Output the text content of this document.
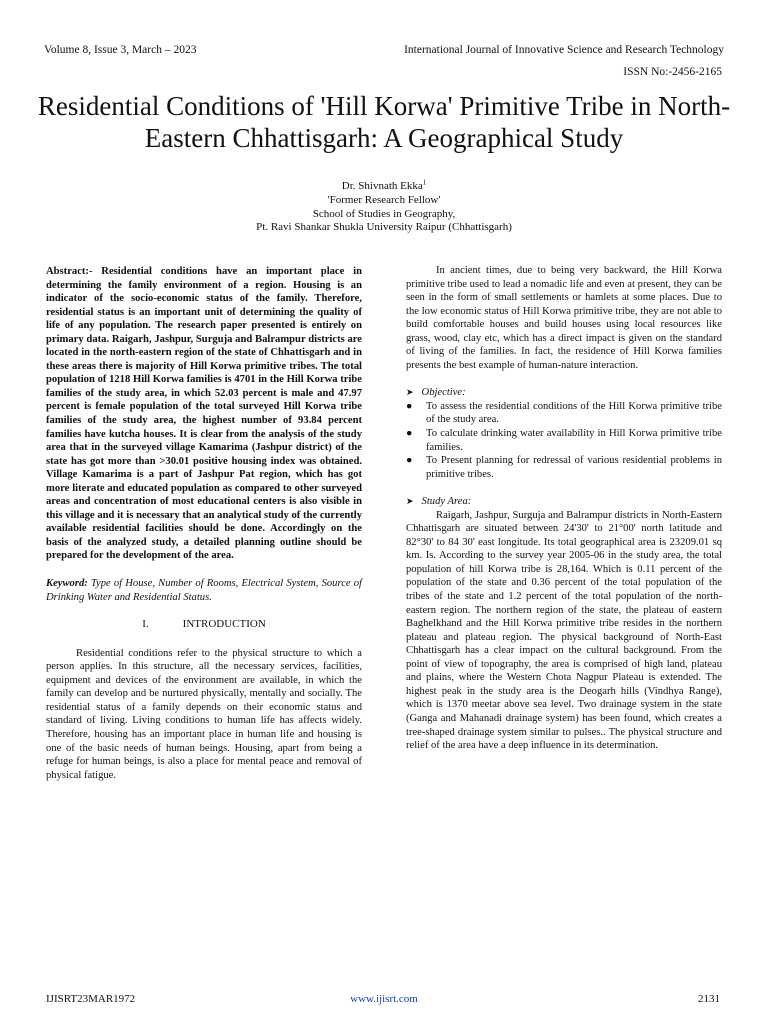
Volume 8, Issue 3, March – 2023	International Journal of Innovative Science and Research Technology
ISSN No:-2456-2165
Residential Conditions of 'Hill Korwa' Primitive Tribe in North-Eastern Chhattisgarh: A Geographical Study
Dr. Shivnath Ekka$^1$
'Former Research Fellow'
School of Studies in Geography,
Pt. Ravi Shankar Shukla University Raipur (Chhattisgarh)

Abstract:- Residential conditions have an important place in determining the family environment of a region. Housing is an indicator of the socio-economic status of the family. Therefore, residential status is an important unit of determining the quality of life of any population. The research paper presented is entirely on primary data. Raigarh, Jashpur, Surguja and Balrampur districts are located in the north-eastern region of the state of Chhattisgarh and in these areas there is majority of Hill Korwa primitive tribes. The total population of 1218 Hill Korwa families is 4701 in the Hill Korwa tribe families of the study area, in which 52.03 percent is male and 47.97 percent is female population of the total surveyed Hill Korwa tribe families of the study area, the highest number of 93.84 percent families have kutcha houses. It is clear from the analysis of the study area that in the surveyed village Kamarima (Jashpur district) of the state has got more than >30.01 positive housing index was obtained. Village Kamarima is a part of Jashpur Pat region, which has got more literate and educated population as compared to other surveyed areas and concentration of most educational centers is also visible in this village and it is necessary that an analytical study of the currently available residential facilities should be done. Accordingly on the basis of the analyzed study, a detailed planning outline should be prepared for the development of the area.

Keyword: Type of House, Number of Rooms, Electrical System, Source of Drinking Water and Residential Status.

I.	INTRODUCTION

Residential conditions refer to the physical structure to which a person applies. In this structure, all the necessary services, facilities, equipment and devices of the environment are available, in which the family can develop and be nurtured physically, mentally and socially. The residential status of a family depends on their economic status and standard of living. Living conditions to human life has affects widely. Therefore, housing has an important place in human life and housing is one of the basic needs of human beings. Housing, apart from being a refuge for human beings, is also a place for mental peace and removal of physical fatigue.

In ancient times, due to being very backward, the Hill Korwa primitive tribe used to lead a nomadic life and even at present, they can be seen in the form of small settlements or hamlets at some places. Due to the low economic status of Hill Korwa primitive tribe, they are not able to build comfortable houses and build houses using local resources like grass, wood, clay etc, which has a direct impact is given on the standard of living of the families. In fact, the residence of Hill Korwa families presents the best example of human-nature interaction.

➤ Objective:
● To assess the residential conditions of the Hill Korwa primitive tribe of the study area.
● To calculate drinking water availability in Hill Korwa primitive tribe families.
● To Present planning for redressal of various residential problems in primitive tribes.
➤ Study Area:

Raigarh, Jashpur, Surguja and Balrampur districts in North-Eastern Chhattisgarh are situated between 24'30' to 21°00' north latitude and 82°30' to 84 30' east longitude. Its total geographical area is 23209.01 sq km. Is. According to the survey year 2005-06 in the study area, the total population of hill Korwa tribe is 28,164. Which is 0.11 percent of the population of the state and 0.36 percent of the total population of the tribes of the state and 1.2 percent of the total population of the north-eastern region. The northern region of the state, the plateau of eastern Baghelkhand and the Hill Korwa primitive tribe resides in the northern plateau and plateau region. The physical background of North-East Chhattisgarh has a clear impact on the cultural background. From the point of view of topography, the area is comprised of high land, plateau and plains, where the Western Chota Nagpur Plateau is extended. The highest peak in the study area is the Deogarh hills (Vindhya Range), which is 1370 meetar above sea level. Two drainage system in the state (Ganga and Mahanadi drainage system) has been found, which creates a tree-shaped drainage system similar to pulses.. The physical structure and relief of the area have a deep influence in its determination.

IJISRT23MAR1972	www.ijisrt.com	2131
